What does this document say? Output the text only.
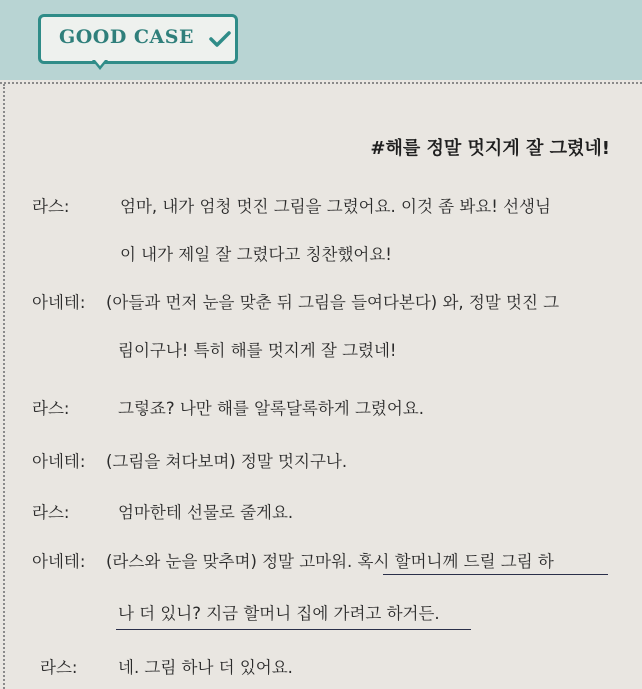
GOOD CASE
#해를 정말 멋지게 잘 그렸네!
라스:	엄마, 내가 엄청 멋진 그림을 그렸어요. 이것 좀 봐요! 선생님
이 내가 제일 잘 그렸다고 칭찬했어요!
아네테: (아들과 먼저 눈을 맞춘 뒤 그림을 들여다본다) 와, 정말 멋진 그
림이구나! 특히 해를 멋지게 잘 그렸네!
라스:	그렇죠? 나만 해를 알록달록하게 그렸어요.
아네테: (그림을 쳐다보며) 정말 멋지구나.
라스:	엄마한테 선물로 줄게요.
아네테: (라스와 눈을 맞추며) 정말 고마워. 혹시 할머니께 드릴 그림 하
나 더 있니? 지금 할머니 집에 가려고 하거든.
라스: 네. 그림 하나 더 있어요.
